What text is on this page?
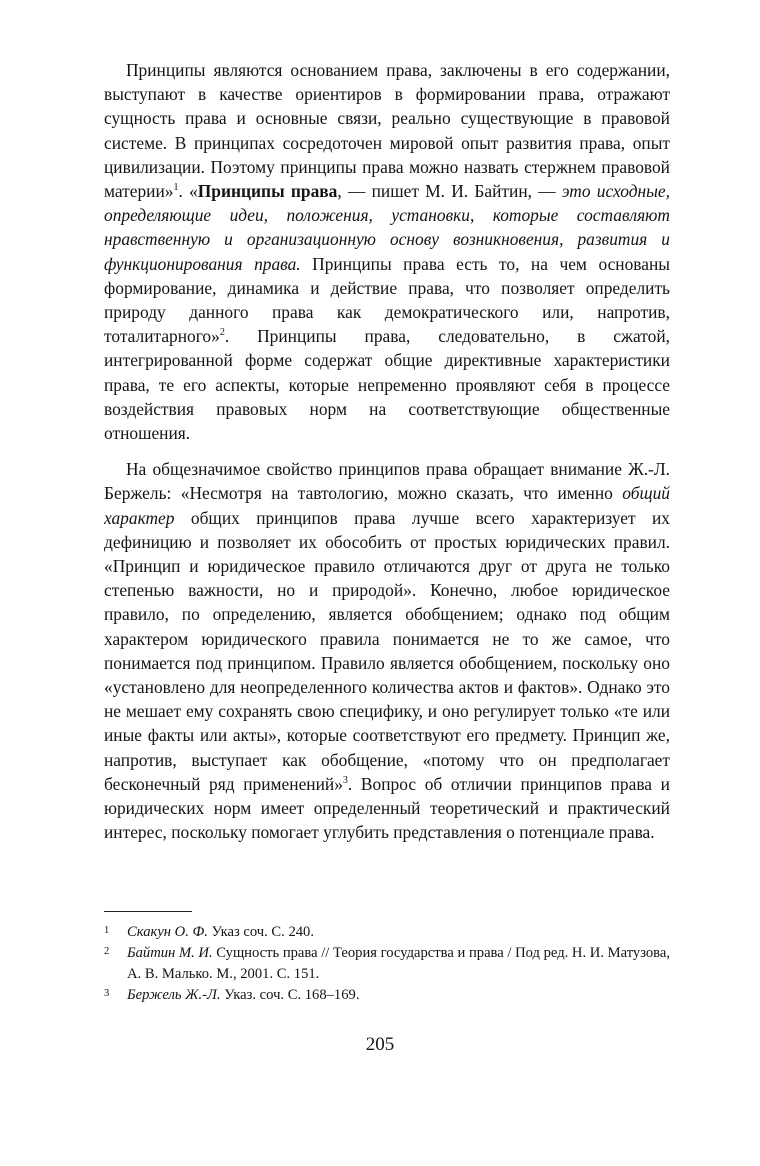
Принципы являются основанием права, заключены в его содержании, выступают в качестве ориентиров в формировании права, отражают сущность права и основные связи, реально существующие в правовой системе. В принципах сосредоточен мировой опыт развития права, опыт цивилизации. Поэтому принципы права можно назвать стержнем правовой материи»$^1$. «Принципы права, — пишет М. И. Байтин, — это исходные, определяющие идеи, положения, установки, которые составляют нравственную и организационную основу возникновения, развития и функционирования права. Принципы права есть то, на чем основаны формирование, динамика и действие права, что позволяет определить природу данного права как демократического или, напротив, тоталитарного»$^2$. Принципы права, следовательно, в сжатой, интегрированной форме содержат общие директивные характеристики права, те его аспекты, которые непременно проявляют себя в процессе воздействия правовых норм на соответствующие общественные отношения.

На общезначимое свойство принципов права обращает внимание Ж.-Л. Бержель: «Несмотря на тавтологию, можно сказать, что именно общий характер общих принципов права лучше всего характеризует их дефиницию и позволяет их обособить от простых юридических правил. «Принцип и юридическое правило отличаются друг от друга не только степенью важности, но и природой». Конечно, любое юридическое правило, по определению, является обобщением; однако под общим характером юридического правила понимается не то же самое, что понимается под принципом. Правило является обобщением, поскольку оно «установлено для неопределенного количества актов и фактов». Однако это не мешает ему сохранять свою специфику, и оно регулирует только «те или иные факты или акты», которые соответствуют его предмету. Принцип же, напротив, выступает как обобщение, «потому что он предполагает бесконечный ряд применений»$^3$. Вопрос об отличии принципов права и юридических норм имеет определенный теоретический и практический интерес, поскольку помогает углубить представления о потенциале права.

1 Скакун О. Ф. Указ соч. С. 240.
2 Байтин М. И. Сущность права // Теория государства и права / Под ред. Н. И. Матузова, А. В. Малько. М., 2001. С. 151.
3 Бержель Ж.-Л. Указ. соч. С. 168–169.
205
